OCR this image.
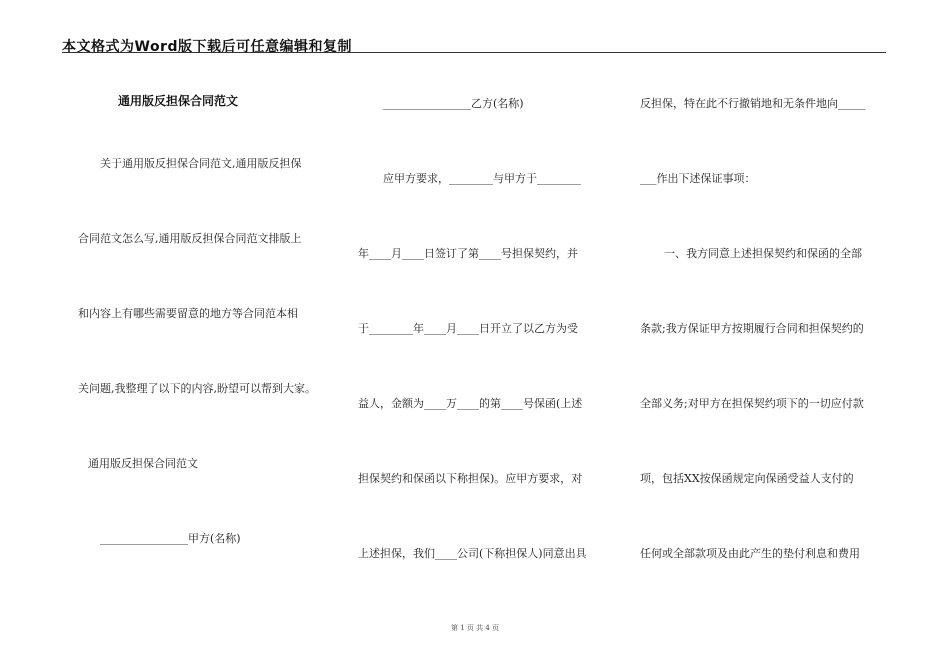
本文格式为Word版下载后可任意编辑和复制
通用版反担保合同范文
关于通用版反担保合同范文,通用版反担保
合同范文怎么写,通用版反担保合同范文排版上
和内容上有哪些需要留意的地方等合同范本相
关问题,我整理了以下的内容,盼望可以帮到大家。
通用版反担保合同范文
________________甲方(名称)
________________乙方(名称)
应甲方要求，________与甲方于________
年____月____日签订了第____号担保契约，并
于________年____月____日开立了以乙方为受
益人，金额为____万____的第____号保函(上述
担保契约和保函以下称担保)。应甲方要求，对
上述担保，我们____公司(下称担保人)同意出具
反担保，特在此不行撤销地和无条件地向_____
___作出下述保证事项：
一、我方同意上述担保契约和保函的全部
条款;我方保证甲方按期履行合同和担保契约的
全部义务;对甲方在担保契约项下的一切应付款
项，包括XX按保函规定向保函受益人支付的
任何或全部款项及由此产生的垫付利息和费用
第 1 页 共 4 页
